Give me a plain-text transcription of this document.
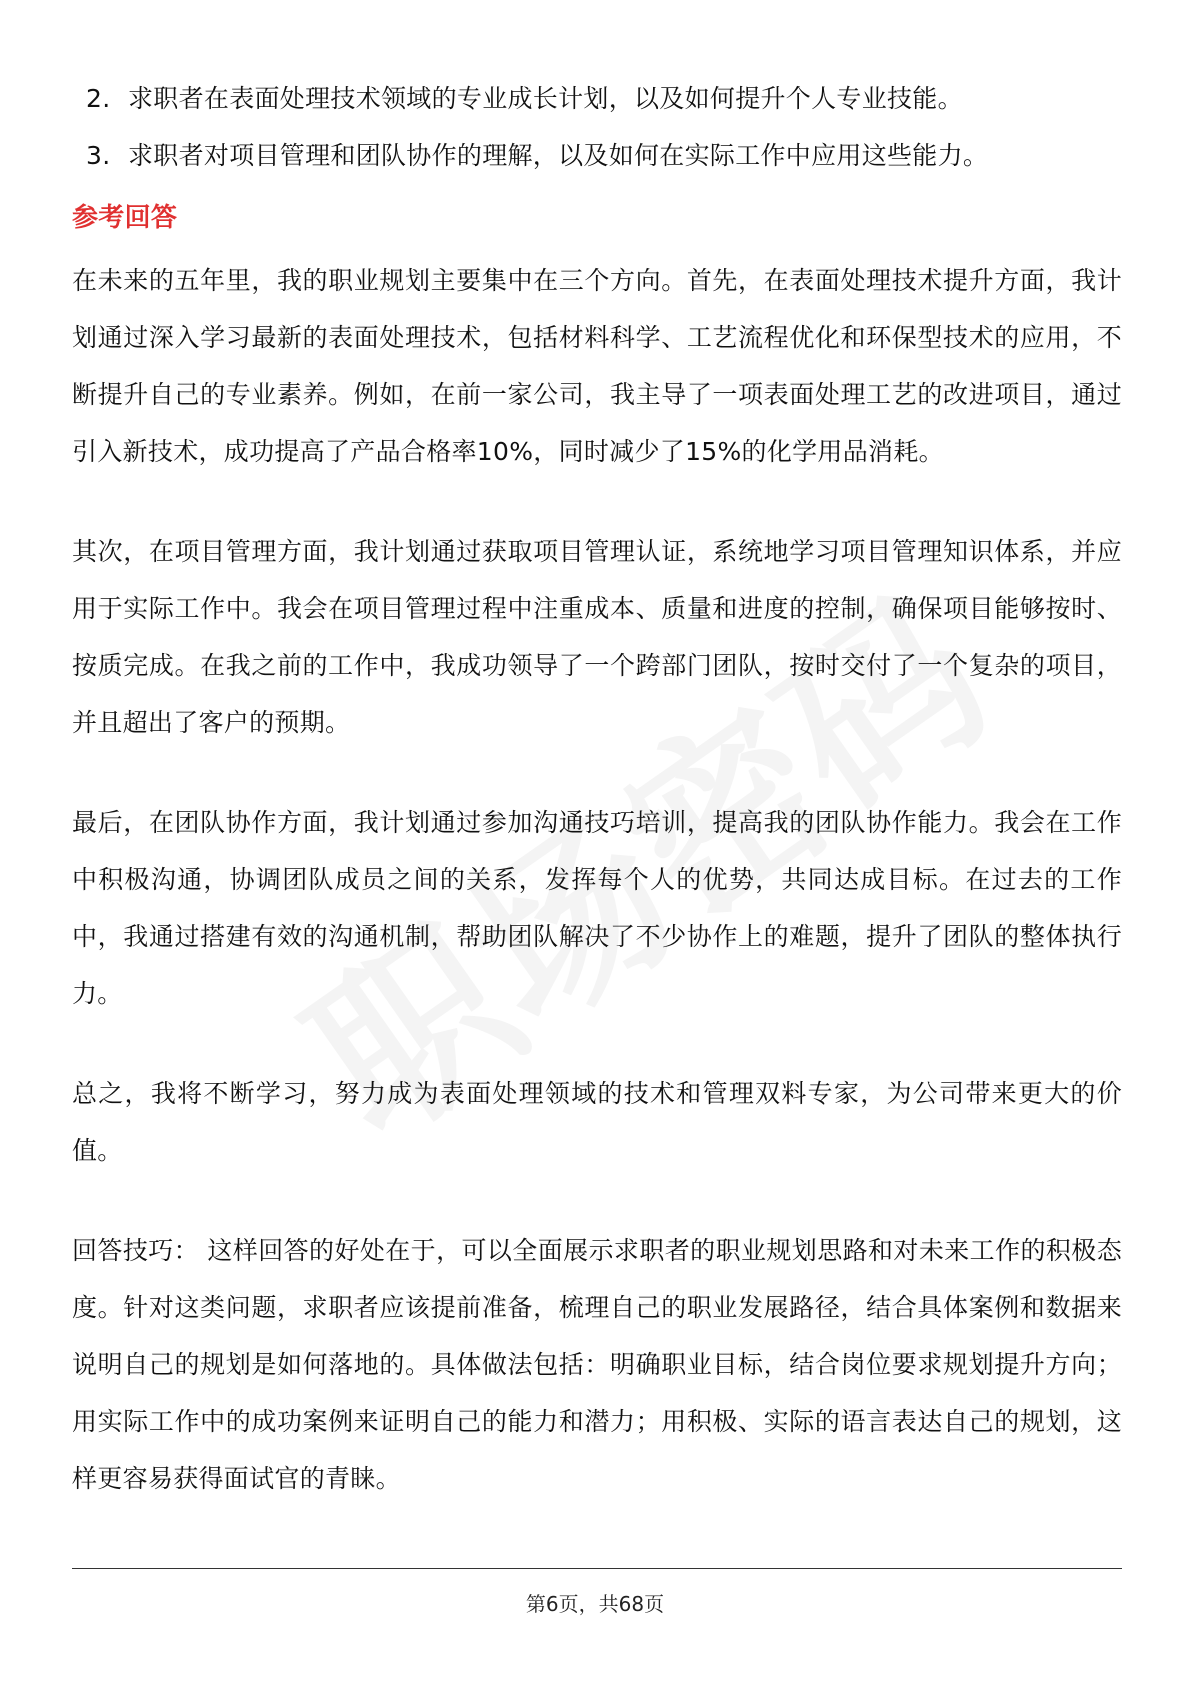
2. 求职者在表面处理技术领域的专业成长计划，以及如何提升个人专业技能。
3. 求职者对项目管理和团队协作的理解，以及如何在实际工作中应用这些能力。
参考回答

在未来的五年里，我的职业规划主要集中在三个方向。首先，在表面处理技术提升方面，我计划通过深入学习最新的表面处理技术，包括材料科学、工艺流程优化和环保型技术的应用，不断提升自己的专业素养。例如，在前一家公司，我主导了一项表面处理工艺的改进项目，通过引入新技术，成功提高了产品合格率10%，同时减少了15%的化学用品消耗。

其次，在项目管理方面，我计划通过获取项目管理认证，系统地学习项目管理知识体系，并应用于实际工作中。我会在项目管理过程中注重成本、质量和进度的控制，确保项目能够按时、按质完成。在我之前的工作中，我成功领导了一个跨部门团队，按时交付了一个复杂的项目，并且超出了客户的预期。

最后，在团队协作方面，我计划通过参加沟通技巧培训，提高我的团队协作能力。我会在工作中积极沟通，协调团队成员之间的关系，发挥每个人的优势，共同达成目标。在过去的工作中，我通过搭建有效的沟通机制，帮助团队解决了不少协作上的难题，提升了团队的整体执行力。

总之，我将不断学习，努力成为表面处理领域的技术和管理双料专家，为公司带来更大的价值。

回答技巧： 这样回答的好处在于，可以全面展示求职者的职业规划思路和对未来工作的积极态度。针对这类问题，求职者应该提前准备，梳理自己的职业发展路径，结合具体案例和数据来说明自己的规划是如何落地的。具体做法包括：明确职业目标，结合岗位要求规划提升方向；用实际工作中的成功案例来证明自己的能力和潜力；用积极、实际的语言表达自己的规划，这样更容易获得面试官的青睐。

第6页，共68页
